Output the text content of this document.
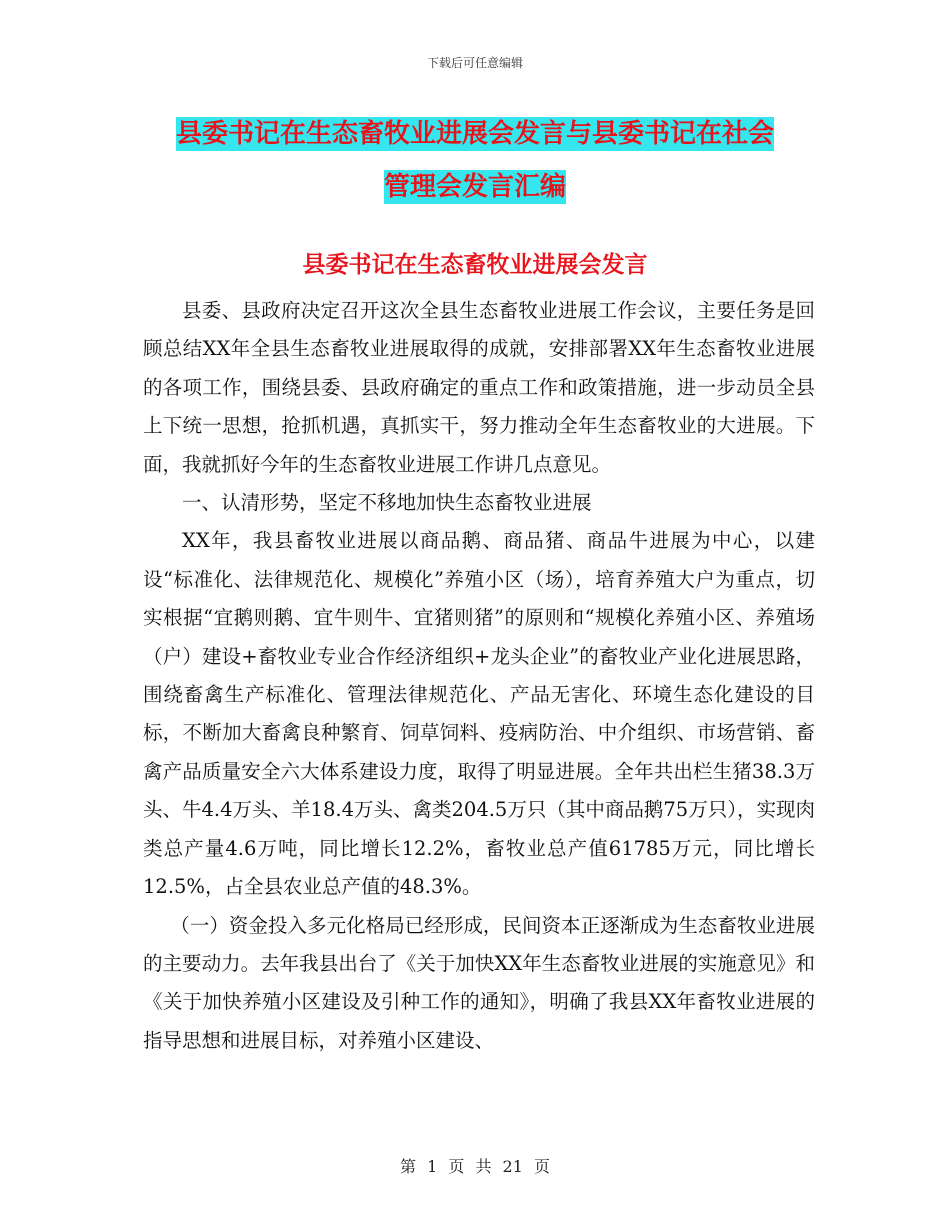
下载后可任意编辑
县委书记在生态畜牧业进展会发言与县委书记在社会
管理会发言汇编
县委书记在生态畜牧业进展会发言

县委、县政府决定召开这次全县生态畜牧业进展工作会议，主要任务是回顾总结XX年全县生态畜牧业进展取得的成就，安排部署XX年生态畜牧业进展的各项工作，围绕县委、县政府确定的重点工作和政策措施，进一步动员全县上下统一思想，抢抓机遇，真抓实干，努力推动全年生态畜牧业的大进展。下面，我就抓好今年的生态畜牧业进展工作讲几点意见。

一、认清形势，坚定不移地加快生态畜牧业进展

XX年，我县畜牧业进展以商品鹅、商品猪、商品牛进展为中心，以建设“标准化、法律规范化、规模化”养殖小区（场），培育养殖大户为重点，切实根据“宜鹅则鹅、宜牛则牛、宜猪则猪”的原则和“规模化养殖小区、养殖场（户）建设+畜牧业专业合作经济组织+龙头企业”的畜牧业产业化进展思路，围绕畜禽生产标准化、管理法律规范化、产品无害化、环境生态化建设的目标，不断加大畜禽良种繁育、饲草饲料、疫病防治、中介组织、市场营销、畜禽产品质量安全六大体系建设力度，取得了明显进展。全年共出栏生猪38.3万头、牛4.4万头、羊18.4万头、禽类204.5万只（其中商品鹅75万只），实现肉类总产量4.6万吨，同比增长12.2%，畜牧业总产值61785万元，同比增长12.5%，占全县农业总产值的48.3%。

（一）资金投入多元化格局已经形成，民间资本正逐渐成为生态畜牧业进展的主要动力。去年我县出台了《关于加快XX年生态畜牧业进展的实施意见》和《关于加快养殖小区建设及引种工作的通知》，明确了我县XX年畜牧业进展的指导思想和进展目标，对养殖小区建设、

第 1 页 共 21 页
